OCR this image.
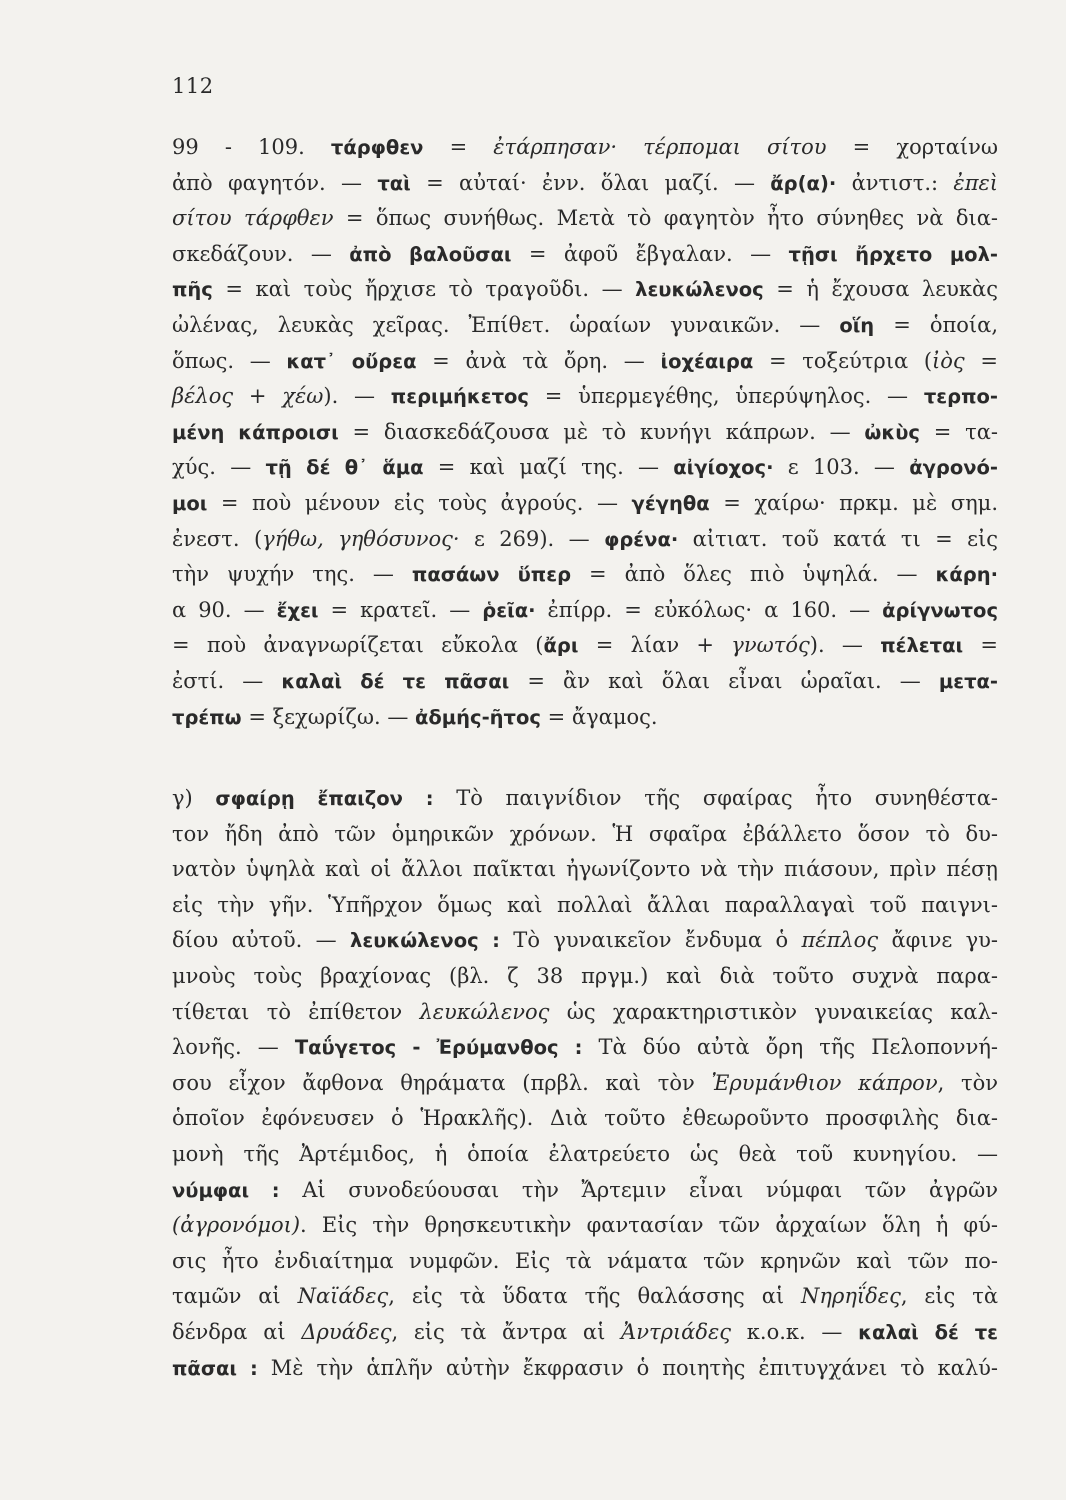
112
99 - 109. τάρφθεν = ἐτάρπησαν· τέρπομαι σίτου = χορταίνω
ἀπὸ φαγητόν. — ταὶ = αὐταί· ἐνν. ὅλαι μαζί. — ἄρ(α)· ἀντιστ.: ἐπεὶ
σίτου τάρφθεν = ὅπως συνήθως. Μετὰ τὸ φαγητὸν ἦτο σύνηθες νὰ δια-
σκεδάζουν. — ἀπὸ βαλοῦσαι = ἀφοῦ ἔβγαλαν. — τῇσι ἤρχετο μολ-
πῆς = καὶ τοὺς ἤρχισε τὸ τραγοῦδι. — λευκώλενος = ἡ ἔχουσα λευκὰς
ὠλένας, λευκὰς χεῖρας. Ἐπίθετ. ὡραίων γυναικῶν. — οἵη = ὁποία,
ὅπως. — κατ᾿ οὔρεα = ἀνὰ τὰ ὄρη. — ἰοχέαιρα = τοξεύτρια (ἰὸς =
βέλος + χέω). — περιμήκετος = ὑπερμεγέθης, ὑπερύψηλος. — τερπο-
μένη κάπροισι = διασκεδάζουσα μὲ τὸ κυνήγι κάπρων. — ὠκὺς = τα-
χύς. — τῇ δέ θ᾿ ἅμα = καὶ μαζί της. — αἰγίοχος· ε 103. — ἀγρονό-
μοι = ποὺ μένουν εἰς τοὺς ἀγρούς. — γέγηθα = χαίρω· πρκμ. μὲ σημ.
ἐνεστ. (γήθω, γηθόσυνος· ε 269). — φρένα· αἰτιατ. τοῦ κατά τι = εἰς
τὴν ψυχήν της. — πασάων ὕπερ = ἀπὸ ὅλες πιὸ ὑψηλά. — κάρη·
α 90. — ἔχει = κρατεῖ. — ῥεῖα· ἐπίρρ. = εὐκόλως· α 160. — ἀρίγνωτος
= ποὺ ἀναγνωρίζεται εὔκολα (ἄρι = λίαν + γνωτός). — πέλεται =
ἐστί. — καλαὶ δέ τε πᾶσαι = ἂν καὶ ὅλαι εἶναι ὡραῖαι. — μετα-
τρέπω = ξεχωρίζω. — ἀδμής-ῆτος = ἄγαμος.
γ) σφαίρῃ ἔπαιζον : Τὸ παιγνίδιον τῆς σφαίρας ἦτο συνηθέστα-
τον ἤδη ἀπὸ τῶν ὁμηρικῶν χρόνων. Ἡ σφαῖρα ἐβάλλετο ὅσον τὸ δυ-
νατὸν ὑψηλὰ καὶ οἱ ἄλλοι παῖκται ἠγωνίζοντο νὰ τὴν πιάσουν, πρὶν πέσῃ
εἰς τὴν γῆν. Ὑπῆρχον ὅμως καὶ πολλαὶ ἄλλαι παραλλαγαὶ τοῦ παιγνι-
δίου αὐτοῦ. — λευκώλενος : Τὸ γυναικεῖον ἔνδυμα ὁ πέπλος ἄφινε γυ-
μνοὺς τοὺς βραχίονας (βλ. ζ 38 πργμ.) καὶ διὰ τοῦτο συχνὰ παρα-
τίθεται τὸ ἐπίθετον λευκώλενος ὡς χαρακτηριστικὸν γυναικείας καλ-
λονῆς. — Ταΰγετος - Ἐρύμανθος : Τὰ δύο αὐτὰ ὄρη τῆς Πελοποννή-
σου εἶχον ἄφθονα θηράματα (πρβλ. καὶ τὸν Ἐρυμάνθιον κάπρον, τὸν
ὁποῖον ἐφόνευσεν ὁ Ἡρακλῆς). Διὰ τοῦτο ἐθεωροῦντο προσφιλὴς δια-
μονὴ τῆς Ἀρτέμιδος, ἡ ὁποία ἐλατρεύετο ὡς θεὰ τοῦ κυνηγίου. —
νύμφαι : Αἱ συνοδεύουσαι τὴν Ἄρτεμιν εἶναι νύμφαι τῶν ἀγρῶν
(ἀγρονόμοι). Εἰς τὴν θρησκευτικὴν φαντασίαν τῶν ἀρχαίων ὅλη ἡ φύ-
σις ἦτο ἐνδιαίτημα νυμφῶν. Εἰς τὰ νάματα τῶν κρηνῶν καὶ τῶν πο-
ταμῶν αἱ Ναϊάδες, εἰς τὰ ὕδατα τῆς θαλάσσης αἱ Νηρηΐδες, εἰς τὰ
δένδρα αἱ Δρυάδες, εἰς τὰ ἄντρα αἱ Ἀντριάδες κ.ο.κ. — καλαὶ δέ τε
πᾶσαι : Μὲ τὴν ἁπλῆν αὐτὴν ἔκφρασιν ὁ ποιητὴς ἐπιτυγχάνει τὸ καλύ-
